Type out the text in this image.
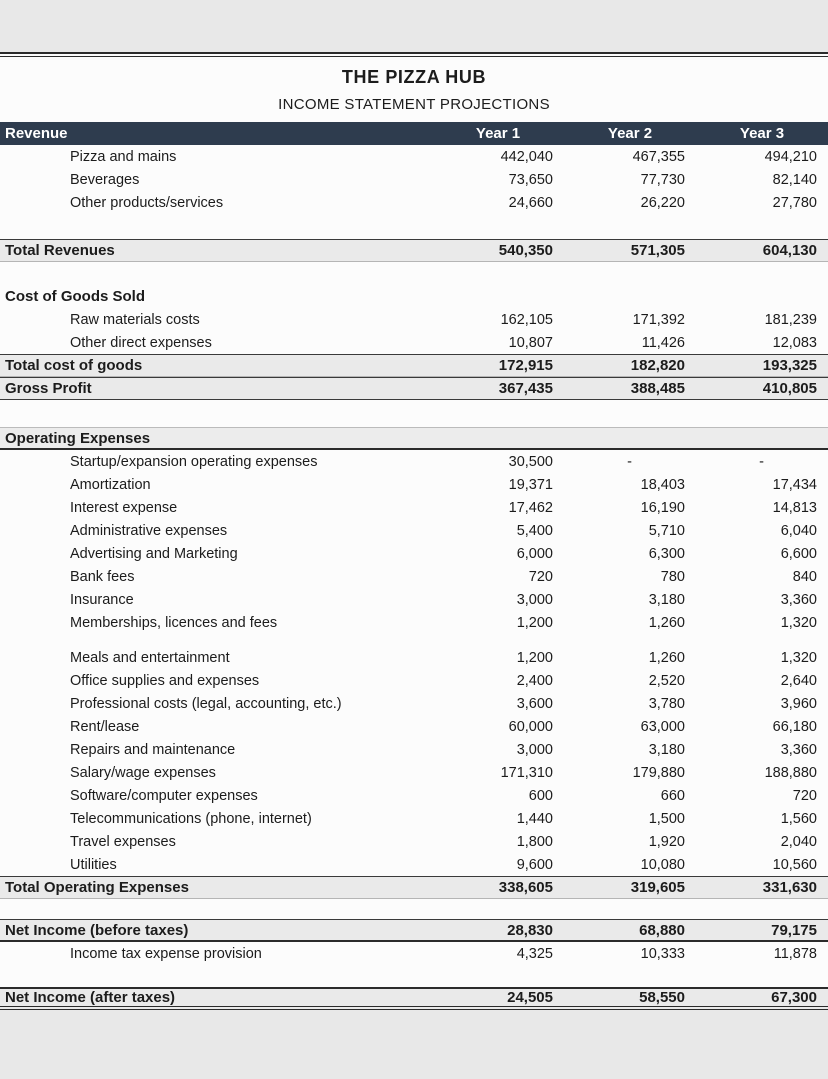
THE PIZZA HUB
INCOME STATEMENT PROJECTIONS
Revenue	Year 1	Year 2	Year 3
Pizza and mains	442,040	467,355	494,210
Beverages	73,650	77,730	82,140
Other products/services	24,660	26,220	27,780
Total Revenues	540,350	571,305	604,130
Cost of Goods Sold
Raw materials costs	162,105	171,392	181,239
Other direct expenses	10,807	11,426	12,083
Total cost of goods	172,915	182,820	193,325
Gross Profit	367,435	388,485	410,805
Operating Expenses
Startup/expansion operating expenses	30,500	-	-
Amortization	19,371	18,403	17,434
Interest expense	17,462	16,190	14,813
Administrative expenses	5,400	5,710	6,040
Advertising and Marketing	6,000	6,300	6,600
Bank fees	720	780	840
Insurance	3,000	3,180	3,360
Memberships, licences and fees	1,200	1,260	1,320
Meals and entertainment	1,200	1,260	1,320
Office supplies and expenses	2,400	2,520	2,640
Professional costs (legal, accounting, etc.)	3,600	3,780	3,960
Rent/lease	60,000	63,000	66,180
Repairs and maintenance	3,000	3,180	3,360
Salary/wage expenses	171,310	179,880	188,880
Software/computer expenses	600	660	720
Telecommunications (phone, internet)	1,440	1,500	1,560
Travel expenses	1,800	1,920	2,040
Utilities	9,600	10,080	10,560
Total Operating Expenses	338,605	319,605	331,630
Net Income (before taxes)	28,830	68,880	79,175
Income tax expense provision	4,325	10,333	11,878
Net Income (after taxes)	24,505	58,550	67,300
